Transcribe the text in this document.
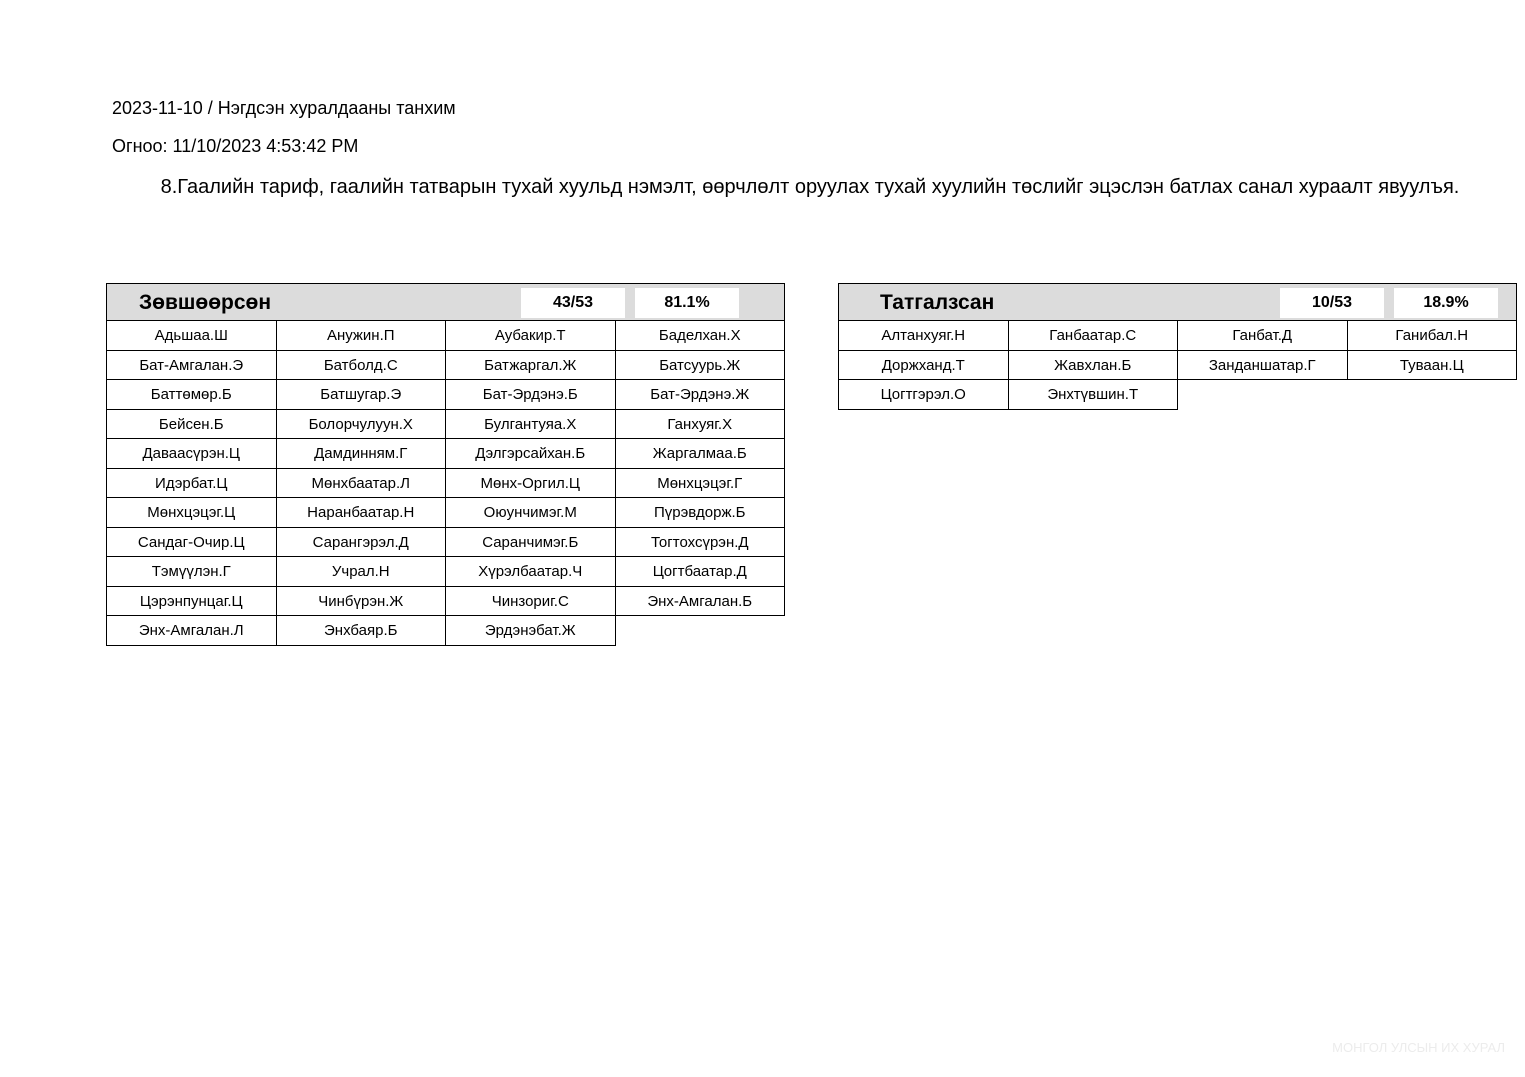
2023-11-10 / Нэгдсэн хуралдааны танхим
Огноо: 11/10/2023 4:53:42 PM
8.Гаалийн тариф, гаалийн татварын тухай хуульд нэмэлт, өөрчлөлт оруулах тухай хуулийн төслийг эцэслэн батлах санал хураалт явуулъя.
Зөвшөөрсөн	43/53	81.1%
Адьшаа.Ш	Анужин.П	Аубакир.Т	Баделхан.Х
Бат-Амгалан.Э	Батболд.С	Батжаргал.Ж	Батсуурь.Ж
Баттөмөр.Б	Батшугар.Э	Бат-Эрдэнэ.Б	Бат-Эрдэнэ.Ж
Бейсен.Б	Болорчулуун.Х	Булгантуяа.Х	Ганхуяг.Х
Даваасүрэн.Ц	Дамдинням.Г	Дэлгэрсайхан.Б	Жаргалмаа.Б
Идэрбат.Ц	Мөнхбаатар.Л	Мөнх-Оргил.Ц	Мөнхцэцэг.Г
Мөнхцэцэг.Ц	Наранбаатар.Н	Оюунчимэг.М	Пүрэвдорж.Б
Сандаг-Очир.Ц	Сарангэрэл.Д	Саранчимэг.Б	Тогтохсүрэн.Д
Тэмүүлэн.Г	Учрал.Н	Хүрэлбаатар.Ч	Цогтбаатар.Д
Цэрэнпунцаг.Ц	Чинбүрэн.Ж	Чинзориг.С	Энх-Амгалан.Б
Энх-Амгалан.Л	Энхбаяр.Б	Эрдэнэбат.Ж
Татгалзсан	10/53	18.9%
Алтанхуяг.Н	Ганбаатар.С	Ганбат.Д	Ганибал.Н
Доржханд.Т	Жавхлан.Б	Занданшатар.Г	Туваан.Ц
Цогтгэрэл.О	Энхтүвшин.Т
МОНГОЛ УЛСЫН ИХ ХУРАЛ
